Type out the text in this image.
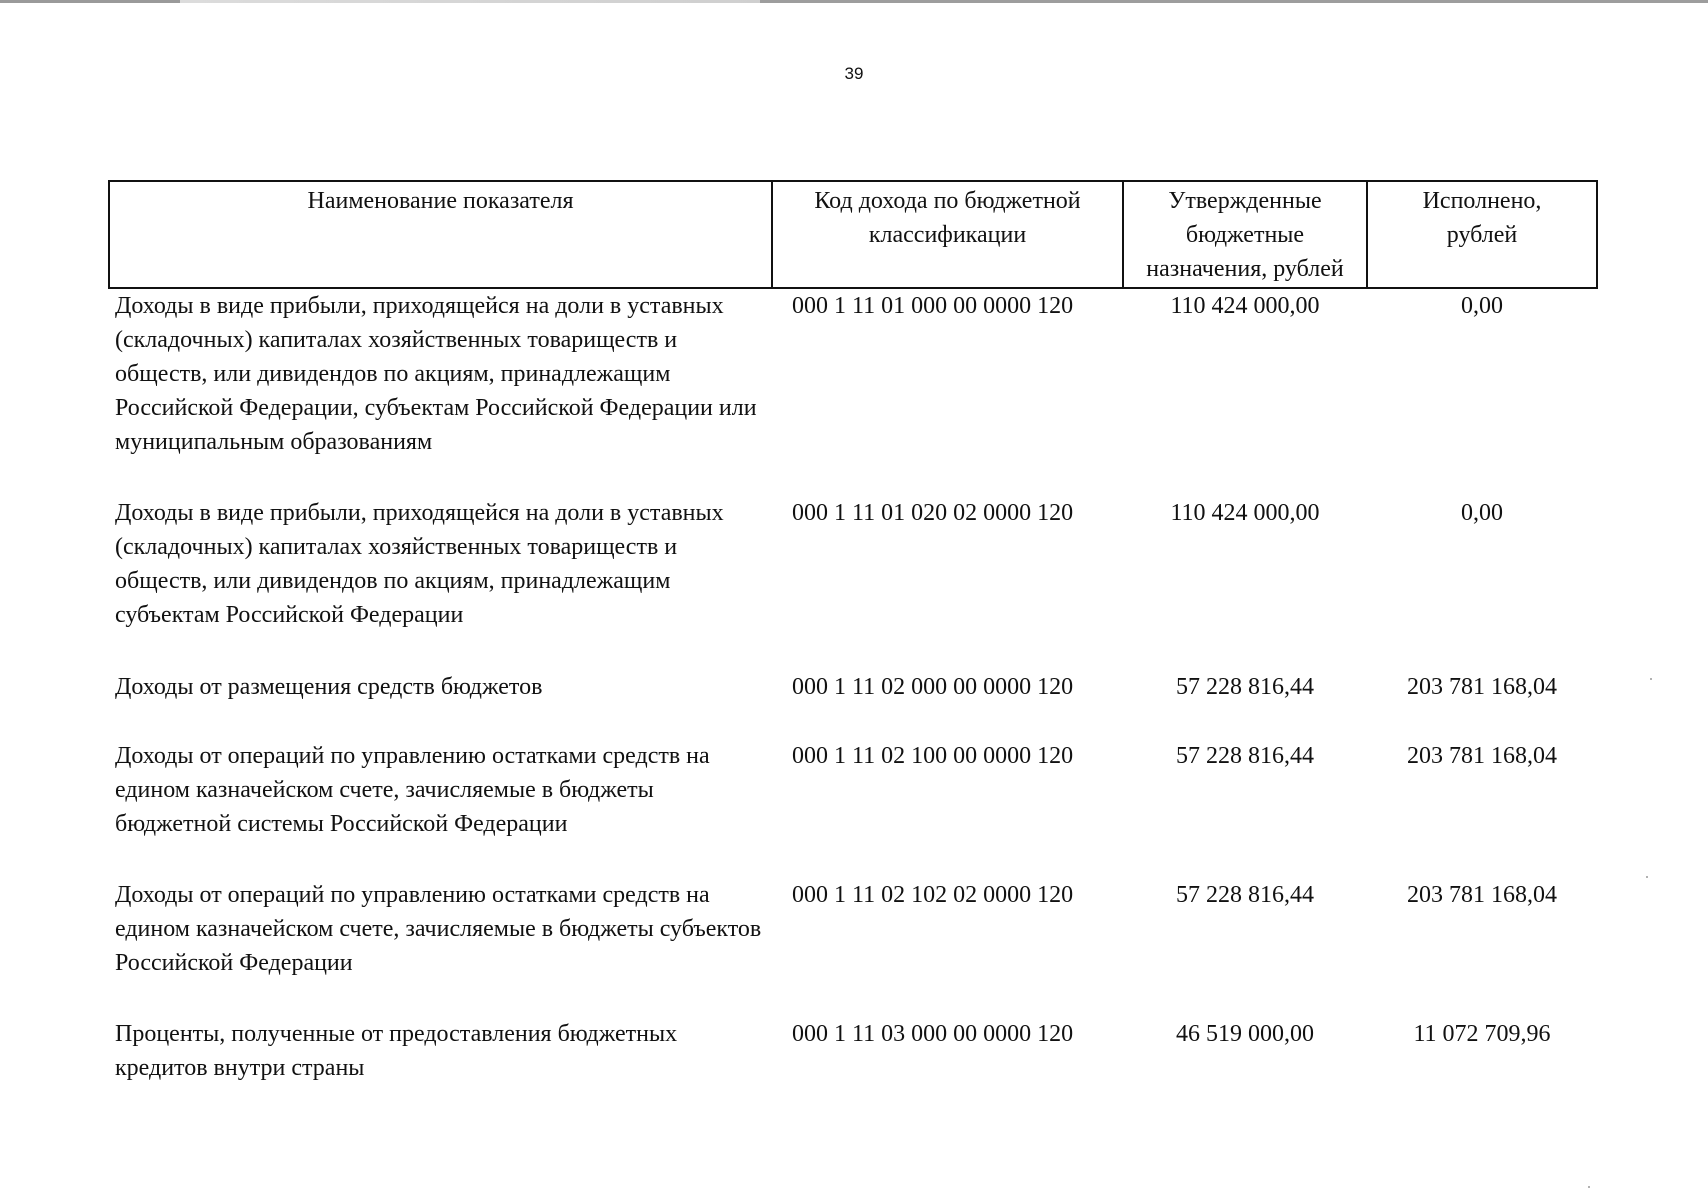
39
Наименование показателя	Код дохода по бюджетной классификации	Утвержденные бюджетные назначения, рублей	Исполнено, рублей
Доходы в виде прибыли, приходящейся на доли в уставных (складочных) капиталах хозяйственных товариществ и обществ, или дивидендов по акциям, принадлежащим Российской Федерации, субъектам Российской Федерации или муниципальным образованиям	000 1 11 01 000 00 0000 120	110 424 000,00	0,00
Доходы в виде прибыли, приходящейся на доли в уставных (складочных) капиталах хозяйственных товариществ и обществ, или дивидендов по акциям, принадлежащим субъектам Российской Федерации	000 1 11 01 020 02 0000 120	110 424 000,00	0,00
Доходы от размещения средств бюджетов	000 1 11 02 000 00 0000 120	57 228 816,44	203 781 168,04
Доходы от операций по управлению остатками средств на едином казначейском счете, зачисляемые в бюджеты бюджетной системы Российской Федерации	000 1 11 02 100 00 0000 120	57 228 816,44	203 781 168,04
Доходы от операций по управлению остатками средств на едином казначейском счете, зачисляемые в бюджеты субъектов Российской Федерации	000 1 11 02 102 02 0000 120	57 228 816,44	203 781 168,04
Проценты, полученные от предоставления бюджетных кредитов внутри страны	000 1 11 03 000 00 0000 120	46 519 000,00	11 072 709,96
